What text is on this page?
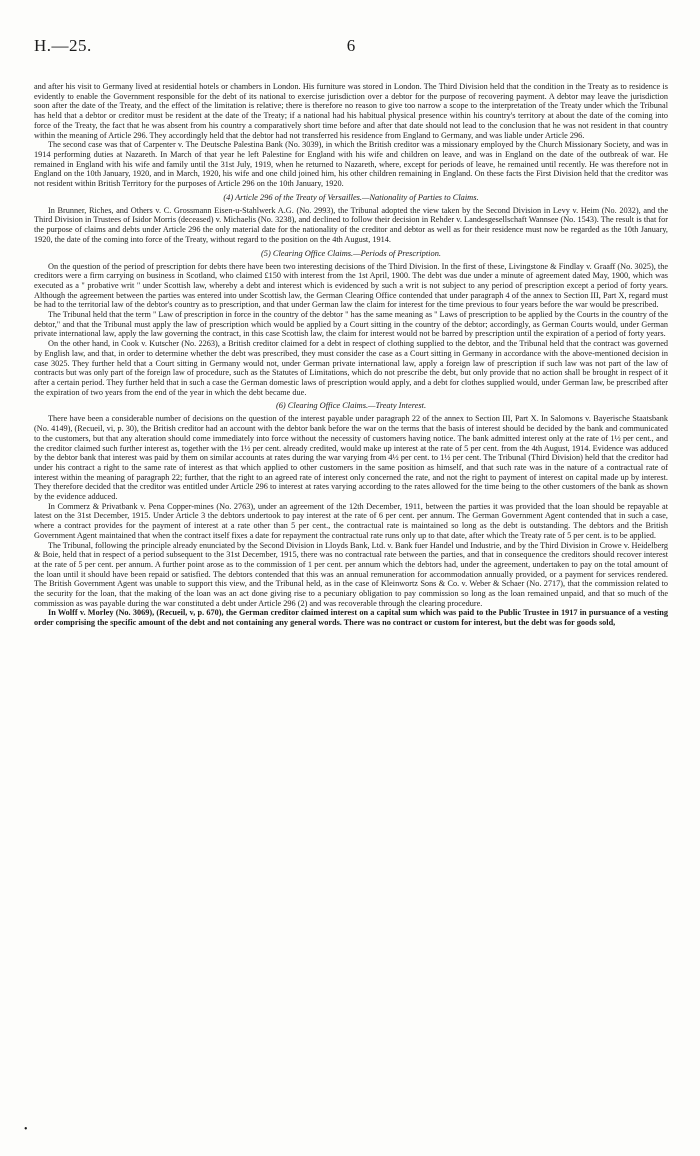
H.—25.	6

and after his visit to Germany lived at residential hotels or chambers in London. His furniture was stored in London. The Third Division held that the condition in the Treaty as to residence is evidently to enable the Government responsible for the debt of its national to exercise jurisdiction over a debtor for the purpose of recovering payment. A debtor may leave the jurisdiction soon after the date of the Treaty, and the effect of the limitation is relative; there is therefore no reason to give too narrow a scope to the interpretation of the Treaty under which the Tribunal has held that a debtor or creditor must be resident at the date of the Treaty; if a national had his habitual physical presence within his country's territory at about the date of the coming into force of the Treaty, the fact that he was absent from his country a comparatively short time before and after that date should not lead to the conclusion that he was not resident in that country within the meaning of Article 296. They accordingly held that the debtor had not transferred his residence from England to Germany, and was liable under Article 296.

The second case was that of Carpenter v. The Deutsche Palestina Bank (No. 3039), in which the British creditor was a missionary employed by the Church Missionary Society, and was in 1914 performing duties at Nazareth. In March of that year he left Palestine for England with his wife and children on leave, and was in England on the date of the outbreak of war. He remained in England with his wife and family until the 31st July, 1919, when he returned to Nazareth, where, except for periods of leave, he remained until recently. He was therefore not in England on the 10th January, 1920, and in March, 1920, his wife and one child joined him, his other children remaining in England. On these facts the First Division held that the creditor was not resident within British Territory for the purposes of Article 296 on the 10th January, 1920.

(4) Article 296 of the Treaty of Versailles.—Nationality of Parties to Claims.

In Brunner, Riches, and Others v. C. Grossmann Eisen-u-Stahlwerk A.G. (No. 2993), the Tribunal adopted the view taken by the Second Division in Levy v. Heim (No. 2032), and the Third Division in Trustees of Isidor Morris (deceased) v. Michaelis (No. 3238), and declined to follow their decision in Rehder v. Landesgesellschaft Wannsee (No. 1543). The result is that for the purpose of claims and debts under Article 296 the only material date for the nationality of the creditor and debtor as well as for their residence must now be regarded as the 10th January, 1920, the date of the coming into force of the Treaty, without regard to the position on the 4th August, 1914.

(5) Clearing Office Claims.—Periods of Prescription.

On the question of the period of prescription for debts there have been two interesting decisions of the Third Division. In the first of these, Livingstone & Findlay v. Graaff (No. 3025), the creditors were a firm carrying on business in Scotland, who claimed £150 with interest from the 1st April, 1900. The debt was due under a minute of agreement dated May, 1900, which was executed as a " probative writ " under Scottish law, whereby a debt and interest which is evidenced by such a writ is not subject to any period of prescription except a period of forty years. Although the agreement between the parties was entered into under Scottish law, the German Clearing Office contended that under paragraph 4 of the annex to Section III, Part X, regard must be had to the territorial law of the debtor's country as to prescription, and that under German law the claim for interest for the time previous to four years before the war would be prescribed.

The Tribunal held that the term " Law of prescription in force in the country of the debtor " has the same meaning as " Laws of prescription to be applied by the Courts in the country of the debtor," and that the Tribunal must apply the law of prescription which would be applied by a Court sitting in the country of the debtor; accordingly, as German Courts would, under German private international law, apply the law governing the contract, in this case Scottish law, the claim for interest would not be barred by prescription until the expiration of a period of forty years.

On the other hand, in Cook v. Kutscher (No. 2263), a British creditor claimed for a debt in respect of clothing supplied to the debtor, and the Tribunal held that the contract was governed by English law, and that, in order to determine whether the debt was prescribed, they must consider the case as a Court sitting in Germany in accordance with the above-mentioned decision in case 3025. They further held that a Court sitting in Germany would not, under German private international law, apply a foreign law of prescription if such law was not part of the law of contracts but was only part of the foreign law of procedure, such as the Statutes of Limitations, which do not prescribe the debt, but only provide that no action shall be brought in respect of it after a certain period. They further held that in such a case the German domestic laws of prescription would apply, and a debt for clothes supplied would, under German law, be prescribed after the expiration of two years from the end of the year in which the debt became due.

(6) Clearing Office Claims.—Treaty Interest.

There have been a considerable number of decisions on the question of the interest payable under paragraph 22 of the annex to Section III, Part X. In Salomons v. Bayerische Staatsbank (No. 4149), (Recueil, vi, p. 30), the British creditor had an account with the debtor bank before the war on the terms that the basis of interest should be decided by the bank and communicated to the customers, but that any alteration should come immediately into force without the necessity of customers having notice. The bank admitted interest only at the rate of 1½ per cent., and the creditor claimed such further interest as, together with the 1½ per cent. already credited, would make up interest at the rate of 5 per cent. from the 4th August, 1914. Evidence was adduced by the debtor bank that interest was paid by them on similar accounts at rates during the war varying from 4½ per cent. to 1½ per cent. The Tribunal (Third Division) held that the creditor had under his contract a right to the same rate of interest as that which applied to other customers in the same position as himself, and that such rate was in the nature of a contractual rate of interest within the meaning of paragraph 22; further, that the right to an agreed rate of interest only concerned the rate, and not the right to payment of interest on capital made up by interest. They therefore decided that the creditor was entitled under Article 296 to interest at rates varying according to the rates allowed for the time being to the other customers of the bank as shown by the evidence adduced.

In Commerz & Privatbank v. Pena Copper-mines (No. 2763), under an agreement of the 12th December, 1911, between the parties it was provided that the loan should be repayable at latest on the 31st December, 1915. Under Article 3 the debtors undertook to pay interest at the rate of 6 per cent. per annum. The German Government Agent contended that in such a case, where a contract provides for the payment of interest at a rate other than 5 per cent., the contractual rate is maintained so long as the debt is outstanding. The debtors and the British Government Agent maintained that when the contract itself fixes a date for repayment the contractual rate runs only up to that date, after which the Treaty rate of 5 per cent. is to be applied.

The Tribunal, following the principle already enunciated by the Second Division in Lloyds Bank, Ltd. v. Bank fuer Handel und Industrie, and by the Third Division in Crowe v. Heidelberg & Boie, held that in respect of a period subsequent to the 31st December, 1915, there was no contractual rate between the parties, and that in consequence the creditors should recover interest at the rate of 5 per cent. per annum. A further point arose as to the commission of 1 per cent. per annum which the debtors had, under the agreement, undertaken to pay on the total amount of the loan until it should have been repaid or satisfied. The debtors contended that this was an annual remuneration for accommodation annually provided, or a payment for services rendered. The British Government Agent was unable to support this view, and the Tribunal held, as in the case of Kleinwortz Sons & Co. v. Weber & Schaer (No. 2717), that the commission related to the security for the loan, that the making of the loan was an act done giving rise to a pecuniary obligation to pay commission so long as the loan remained unpaid, and that so much of the commission as was payable during the war constituted a debt under Article 296 (2) and was recoverable through the clearing procedure.

In Wolff v. Morley (No. 3069), (Recueil, v, p. 670), the German creditor claimed interest on a capital sum which was paid to the Public Trustee in 1917 in pursuance of a vesting order comprising the specific amount of the debt and not containing any general words. There was no contract or custom for interest, but the debt was for goods sold,

•
